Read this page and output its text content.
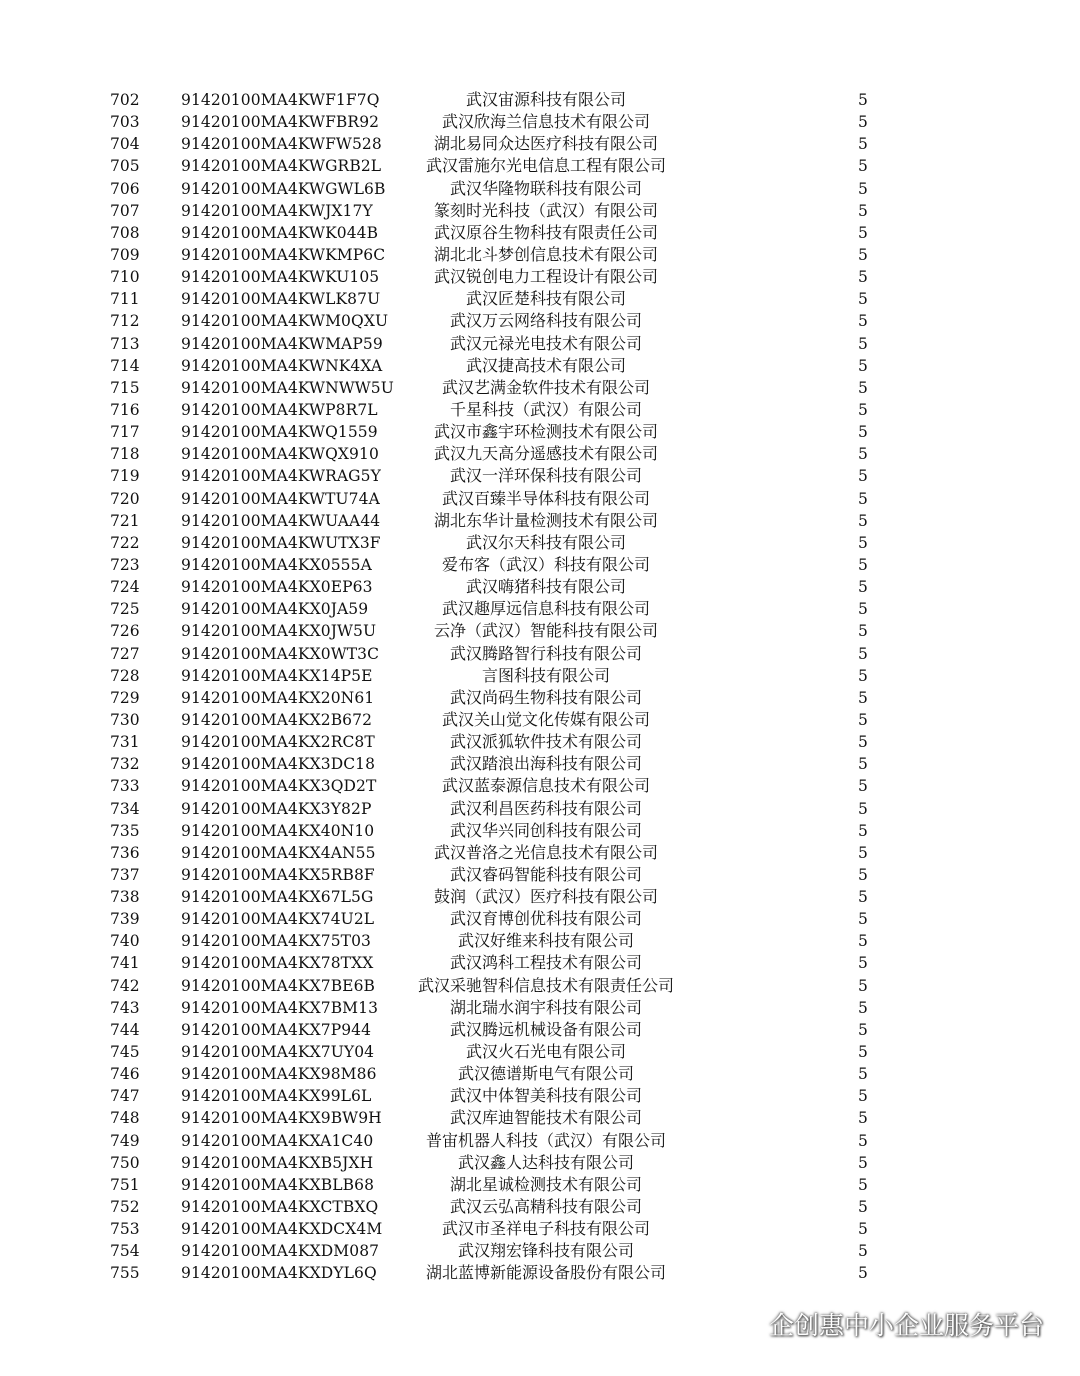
702	91420100MA4KWF1F7Q	武汉宙源科技有限公司	5
703	91420100MA4KWFBR92	武汉欣海兰信息技术有限公司	5
704	91420100MA4KWFW528	湖北易同众达医疗科技有限公司	5
705	91420100MA4KWGRB2L	武汉雷施尔光电信息工程有限公司	5
706	91420100MA4KWGWL6B	武汉华隆物联科技有限公司	5
707	91420100MA4KWJX17Y	篆刻时光科技（武汉）有限公司	5
708	91420100MA4KWK044B	武汉原谷生物科技有限责任公司	5
709	91420100MA4KWKMP6C	湖北北斗梦创信息技术有限公司	5
710	91420100MA4KWKU105	武汉锐创电力工程设计有限公司	5
711	91420100MA4KWLK87U	武汉匠楚科技有限公司	5
712	91420100MA4KWM0QXU	武汉万云网络科技有限公司	5
713	91420100MA4KWMAP59	武汉元禄光电技术有限公司	5
714	91420100MA4KWNK4XA	武汉捷高技术有限公司	5
715	91420100MA4KWNWW5U	武汉艺满金软件技术有限公司	5
716	91420100MA4KWP8R7L	千星科技（武汉）有限公司	5
717	91420100MA4KWQ1559	武汉市鑫宇环检测技术有限公司	5
718	91420100MA4KWQX910	武汉九天高分遥感技术有限公司	5
719	91420100MA4KWRAG5Y	武汉一洋环保科技有限公司	5
720	91420100MA4KWTU74A	武汉百臻半导体科技有限公司	5
721	91420100MA4KWUAA44	湖北东华计量检测技术有限公司	5
722	91420100MA4KWUTX3F	武汉尔天科技有限公司	5
723	91420100MA4KX0555A	爱布客（武汉）科技有限公司	5
724	91420100MA4KX0EP63	武汉嗨猪科技有限公司	5
725	91420100MA4KX0JA59	武汉趣厚远信息科技有限公司	5
726	91420100MA4KX0JW5U	云净（武汉）智能科技有限公司	5
727	91420100MA4KX0WT3C	武汉腾路智行科技有限公司	5
728	91420100MA4KX14P5E	言图科技有限公司	5
729	91420100MA4KX20N61	武汉尚码生物科技有限公司	5
730	91420100MA4KX2B672	武汉关山觉文化传媒有限公司	5
731	91420100MA4KX2RC8T	武汉派狐软件技术有限公司	5
732	91420100MA4KX3DC18	武汉踏浪出海科技有限公司	5
733	91420100MA4KX3QD2T	武汉蓝泰源信息技术有限公司	5
734	91420100MA4KX3Y82P	武汉利昌医药科技有限公司	5
735	91420100MA4KX40N10	武汉华兴同创科技有限公司	5
736	91420100MA4KX4AN55	武汉普洛之光信息技术有限公司	5
737	91420100MA4KX5RB8F	武汉睿码智能科技有限公司	5
738	91420100MA4KX67L5G	鼓润（武汉）医疗科技有限公司	5
739	91420100MA4KX74U2L	武汉育博创优科技有限公司	5
740	91420100MA4KX75T03	武汉好维来科技有限公司	5
741	91420100MA4KX78TXX	武汉鸿科工程技术有限公司	5
742	91420100MA4KX7BE6B	武汉采驰智科信息技术有限责任公司	5
743	91420100MA4KX7BM13	湖北瑞水润宇科技有限公司	5
744	91420100MA4KX7P944	武汉腾远机械设备有限公司	5
745	91420100MA4KX7UY04	武汉火石光电有限公司	5
746	91420100MA4KX98M86	武汉德谱斯电气有限公司	5
747	91420100MA4KX99L6L	武汉中体智美科技有限公司	5
748	91420100MA4KX9BW9H	武汉库迪智能技术有限公司	5
749	91420100MA4KXA1C40	普宙机器人科技（武汉）有限公司	5
750	91420100MA4KXB5JXH	武汉鑫人达科技有限公司	5
751	91420100MA4KXBLB68	湖北星诚检测技术有限公司	5
752	91420100MA4KXCTBXQ	武汉云弘高精科技有限公司	5
753	91420100MA4KXDCX4M	武汉市圣祥电子科技有限公司	5
754	91420100MA4KXDM087	武汉翔宏锋科技有限公司	5
755	91420100MA4KXDYL6Q	湖北蓝博新能源设备股份有限公司	5
企创惠中小企业服务平台
